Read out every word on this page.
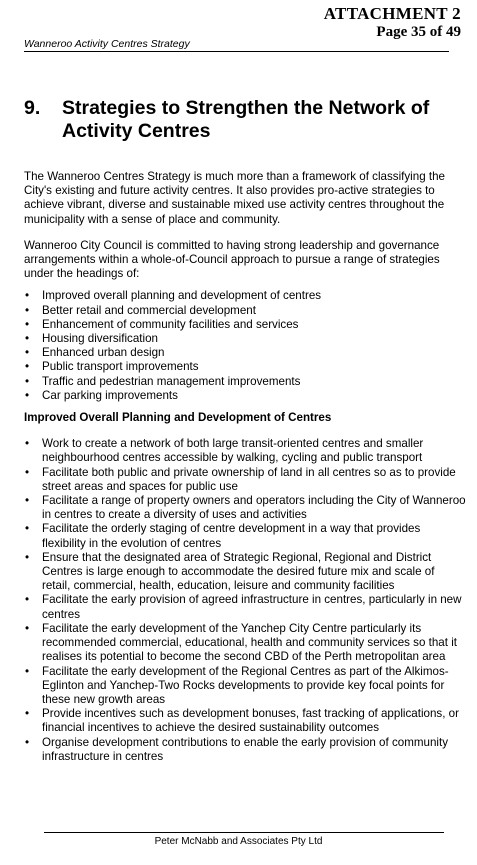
ATTACHMENT 2
Page 35 of 49
Wanneroo Activity Centres Strategy
9. Strategies to Strengthen the Network of Activity Centres

The Wanneroo Centres Strategy is much more than a framework of classifying the City's existing and future activity centres. It also provides pro-active strategies to achieve vibrant, diverse and sustainable mixed use activity centres throughout the municipality with a sense of place and community.

Wanneroo City Council is committed to having strong leadership and governance arrangements within a whole-of-Council approach to pursue a range of strategies under the headings of:

• Improved overall planning and development of centres
• Better retail and commercial development
• Enhancement of community facilities and services
• Housing diversification
• Enhanced urban design
• Public transport improvements
• Traffic and pedestrian management improvements
• Car parking improvements
Improved Overall Planning and Development of Centres
• Work to create a network of both large transit-oriented centres and smaller neighbourhood centres accessible by walking, cycling and public transport
• Facilitate both public and private ownership of land in all centres so as to provide street areas and spaces for public use
• Facilitate a range of property owners and operators including the City of Wanneroo in centres to create a diversity of uses and activities
• Facilitate the orderly staging of centre development in a way that provides flexibility in the evolution of centres
• Ensure that the designated area of Strategic Regional, Regional and District Centres is large enough to accommodate the desired future mix and scale of retail, commercial, health, education, leisure and community facilities
• Facilitate the early provision of agreed infrastructure in centres, particularly in new centres
• Facilitate the early development of the Yanchep City Centre particularly its recommended commercial, educational, health and community services so that it realises its potential to become the second CBD of the Perth metropolitan area
• Facilitate the early development of the Regional Centres as part of the Alkimos-Eglinton and Yanchep-Two Rocks developments to provide key focal points for these new growth areas
• Provide incentives such as development bonuses, fast tracking of applications, or financial incentives to achieve the desired sustainability outcomes
• Organise development contributions to enable the early provision of community infrastructure in centres
Peter McNabb and Associates Pty Ltd
